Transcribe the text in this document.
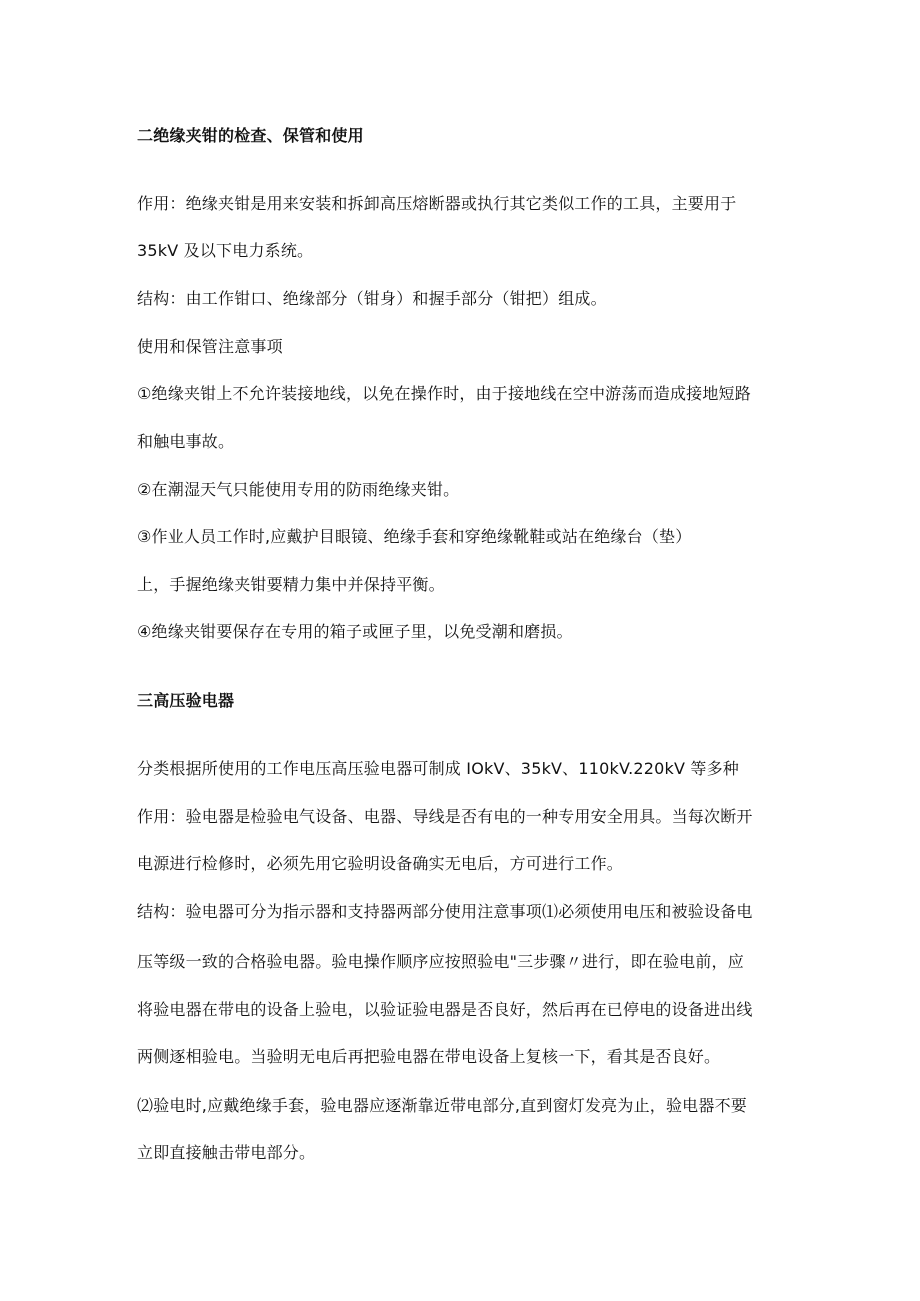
二绝缘夹钳的检查、保管和使用
作用：绝缘夹钳是用来安装和拆卸高压熔断器或执行其它类似工作的工具，主要用于
35kV 及以下电力系统。
结构：由工作钳口、绝缘部分（钳身）和握手部分（钳把）组成。
使用和保管注意事项
①绝缘夹钳上不允许装接地线，以免在操作时，由于接地线在空中游荡而造成接地短路
和触电事故。
②在潮湿天气只能使用专用的防雨绝缘夹钳。
③作业人员工作时,应戴护目眼镜、绝缘手套和穿绝缘靴鞋或站在绝缘台（垫）
上，手握绝缘夹钳要精力集中并保持平衡。
④绝缘夹钳要保存在专用的箱子或匣子里，以免受潮和磨损。
三高压验电器
分类根据所使用的工作电压高压验电器可制成 IOkV、35kV、110kV.220kV 等多种
作用：验电器是检验电气设备、电器、导线是否有电的一种专用安全用具。当每次断开
电源进行检修时，必须先用它验明设备确实无电后，方可进行工作。
结构：验电器可分为指示器和支持器两部分使用注意事项⑴必须使用电压和被验设备电
压等级一致的合格验电器。验电操作顺序应按照验电"三步骤〃进行，即在验电前，应
将验电器在带电的设备上验电，以验证验电器是否良好，然后再在已停电的设备进出线
两侧逐相验电。当验明无电后再把验电器在带电设备上复核一下，看其是否良好。
⑵验电时,应戴绝缘手套，验电器应逐渐靠近带电部分,直到窗灯发亮为止，验电器不要
立即直接触击带电部分。
